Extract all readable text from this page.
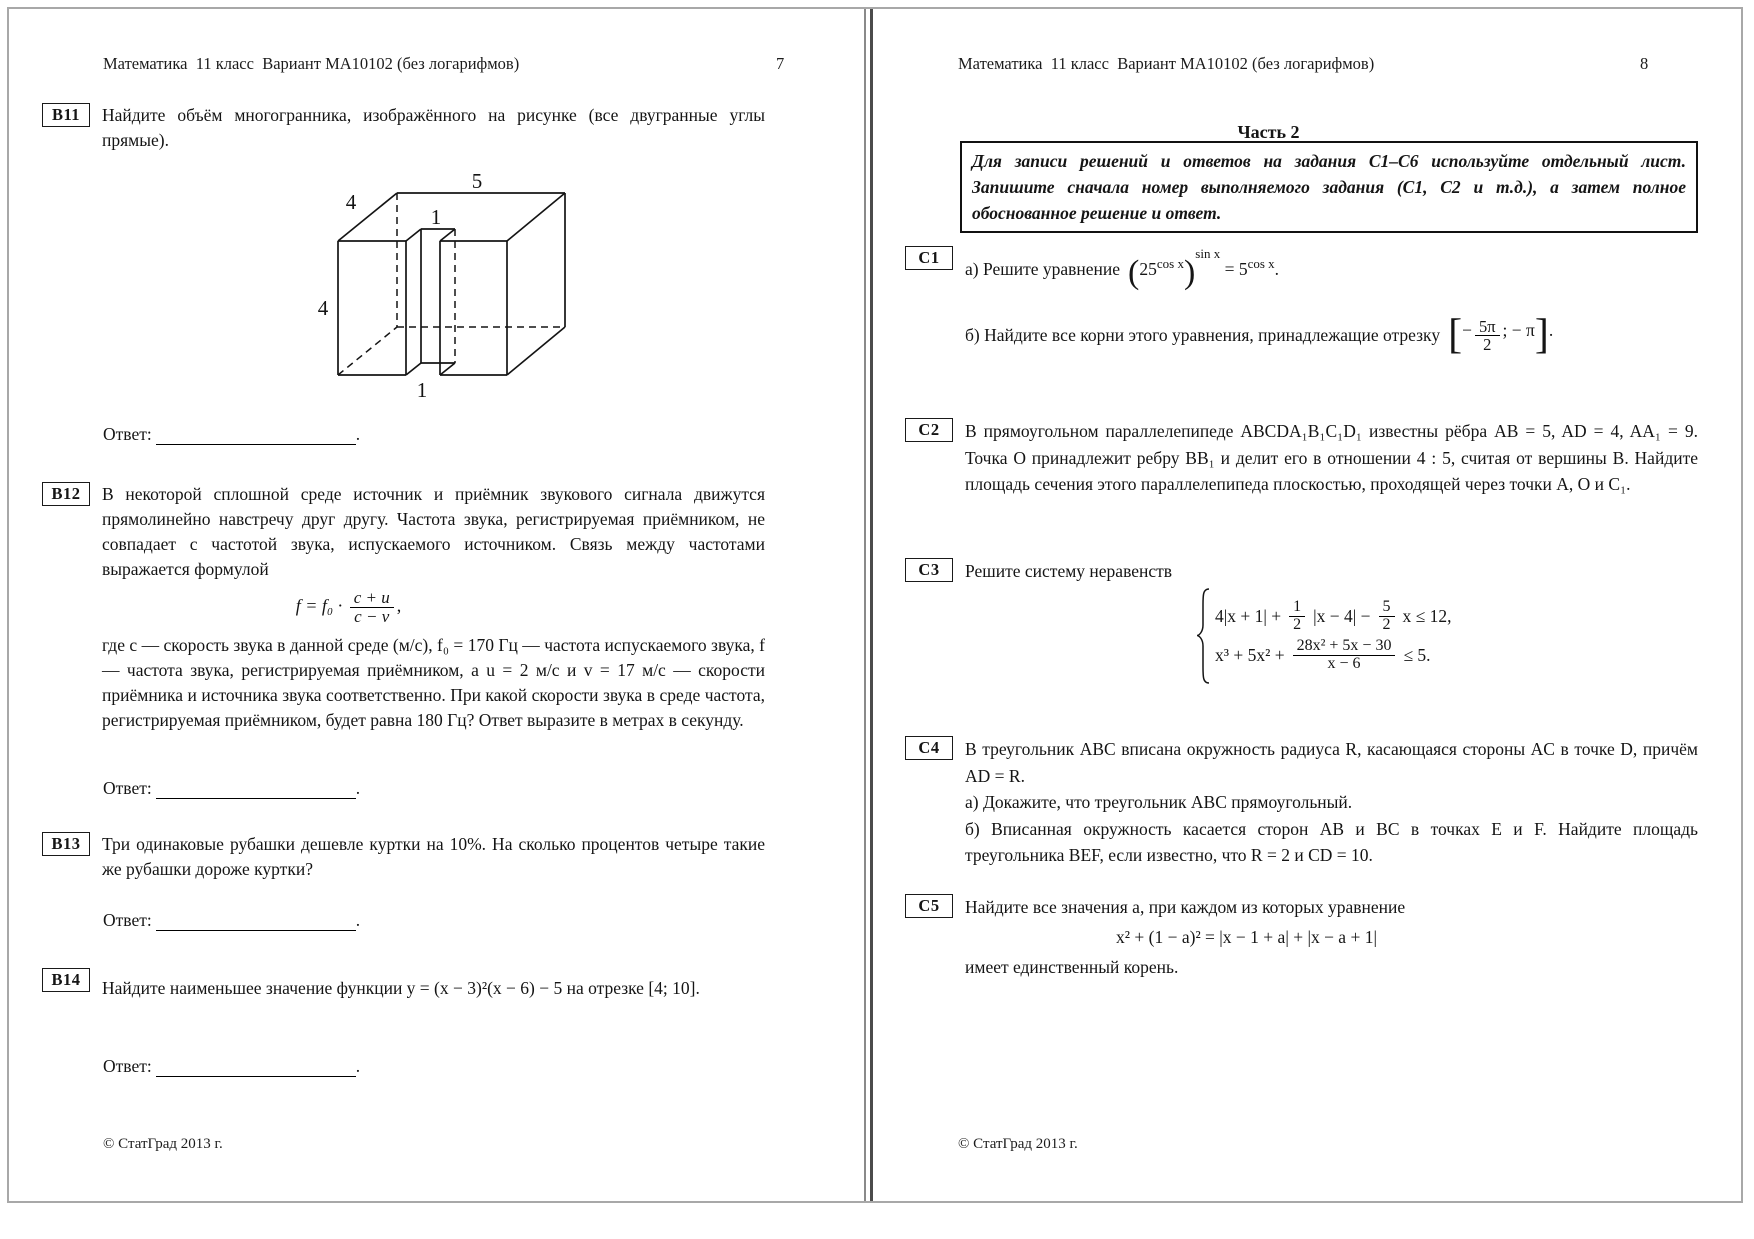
Математика  11 класс  Вариант МА10102 (без логарифмов)	7
В11	Найдите объём многогранника, изображённого на рисунке (все двугранные углы прямые).
5
4
4
1
1
Ответ:	.
В12	В некоторой сплошной среде источник и приёмник звукового сигнала движутся прямолинейно навстречу друг другу. Частота звука, регистрируемая приёмником, не совпадает с частотой звука, испускаемого источником. Связь между частотами выражается формулой
$f = f_0 \cdot \frac{c + u}{c - v}$ ,
где c — скорость звука в данной среде (м/с), f₀ = 170 Гц — частота испускаемого звука, f — частота звука, регистрируемая приёмником, а u = 2 м/с и v = 17 м/с — скорости приёмника и источника звука соответственно. При какой скорости звука в среде частота, регистрируемая приёмником, будет равна 180 Гц? Ответ выразите в метрах в секунду.
Ответ:	.
В13	Три одинаковые рубашки дешевле куртки на 10%. На сколько процентов четыре такие же рубашки дороже куртки?
Ответ:	.
В14	Найдите наименьшее значение функции y = (x − 3)²(x − 6) − 5 на отрезке [4; 10].
Ответ:	.
© СтатГрад 2013 г.
Математика  11 класс  Вариант МА10102 (без логарифмов)	8
Часть 2
Для записи решений и ответов на задания С1–С6 используйте отдельный лист. Запишите сначала номер выполняемого задания (С1, С2 и т.д.), а затем полное обоснованное решение и ответ.
С1
а) Решите уравнение $(25^{cos x})^{sin x} = 5^{cos x}$.
б) Найдите все корни этого уравнения, принадлежащие отрезку [− $\frac{5\pi}{2}$ ; − π].
С2	В прямоугольном параллелепипеде ABCDA₁B₁C₁D₁ известны рёбра AB = 5, AD = 4, AA₁ = 9. Точка O принадлежит ребру BB₁ и делит его в отношении 4 : 5, считая от вершины B. Найдите площадь сечения этого параллелепипеда плоскостью, проходящей через точки A, O и C₁.
С3	Решите систему неравенств
$4|x + 1| + \frac{1}{2} |x - 4| - \frac{5}{2}$ x ≤ 12,
$x^3 + 5x^2 + \frac{\text{28x² + 5x − 30}}{x - 6} \le 5$.
С4	В треугольник ABC вписана окружность радиуса R, касающаяся стороны AC в точке D, причём AD = R.
а) Докажите, что треугольник ABC прямоугольный.
б) Вписанная окружность касается сторон AB и BC в точках E и F. Найдите площадь треугольника BEF, если известно, что R = 2 и CD = 10.
С5	Найдите все значения a, при каждом из которых уравнение
x² + (1 − a)² = |x − 1 + a| + |x − a + 1|
имеет единственный корень.
© СтатГрад 2013 г.
